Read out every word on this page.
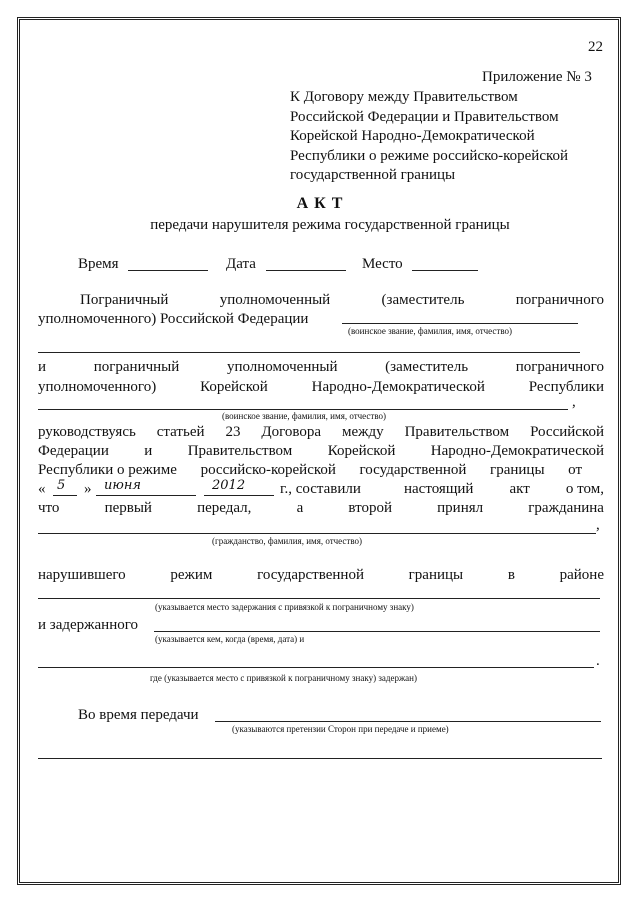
22
Приложение № 3
К Договору между Правительством
Российской Федерации и Правительством
Корейской Народно-Демократической
Республики о режиме российско-корейской
государственной границы
А К Т
передачи нарушителя режима государственной границы
Время	Дата	Место
Пограничный	уполномоченный	(заместитель	пограничного
уполномоченного) Российской Федерации
(воинское звание, фамилия, имя, отчество)
и	пограничный	уполномоченный	(заместитель	пограничного
уполномоченного)	Корейской	Народно-Демократической	Республики
,
(воинское звание, фамилия, имя, отчество)
руководствуясь статьей 23 Договора между Правительством Российской
Федерации и Правительством Корейской Народно-Демократической
Республики о режиме российско-корейской государственной границы от
« 5 » июня	2012 г., составили	настоящий акт о том,
что	первый	передал,	а	второй	принял	гражданина
,
(гражданство, фамилия, имя, отчество)
нарушившего	режим	государственной	границы	в	районе
(указывается место задержания с привязкой к пограничному знаку)
и задержанного
(указывается кем, когда (время, дата) и
.
где (указывается место с привязкой к пограничному знаку) задержан)
Во время передачи
(указываются претензии Сторон при передаче и приеме)
